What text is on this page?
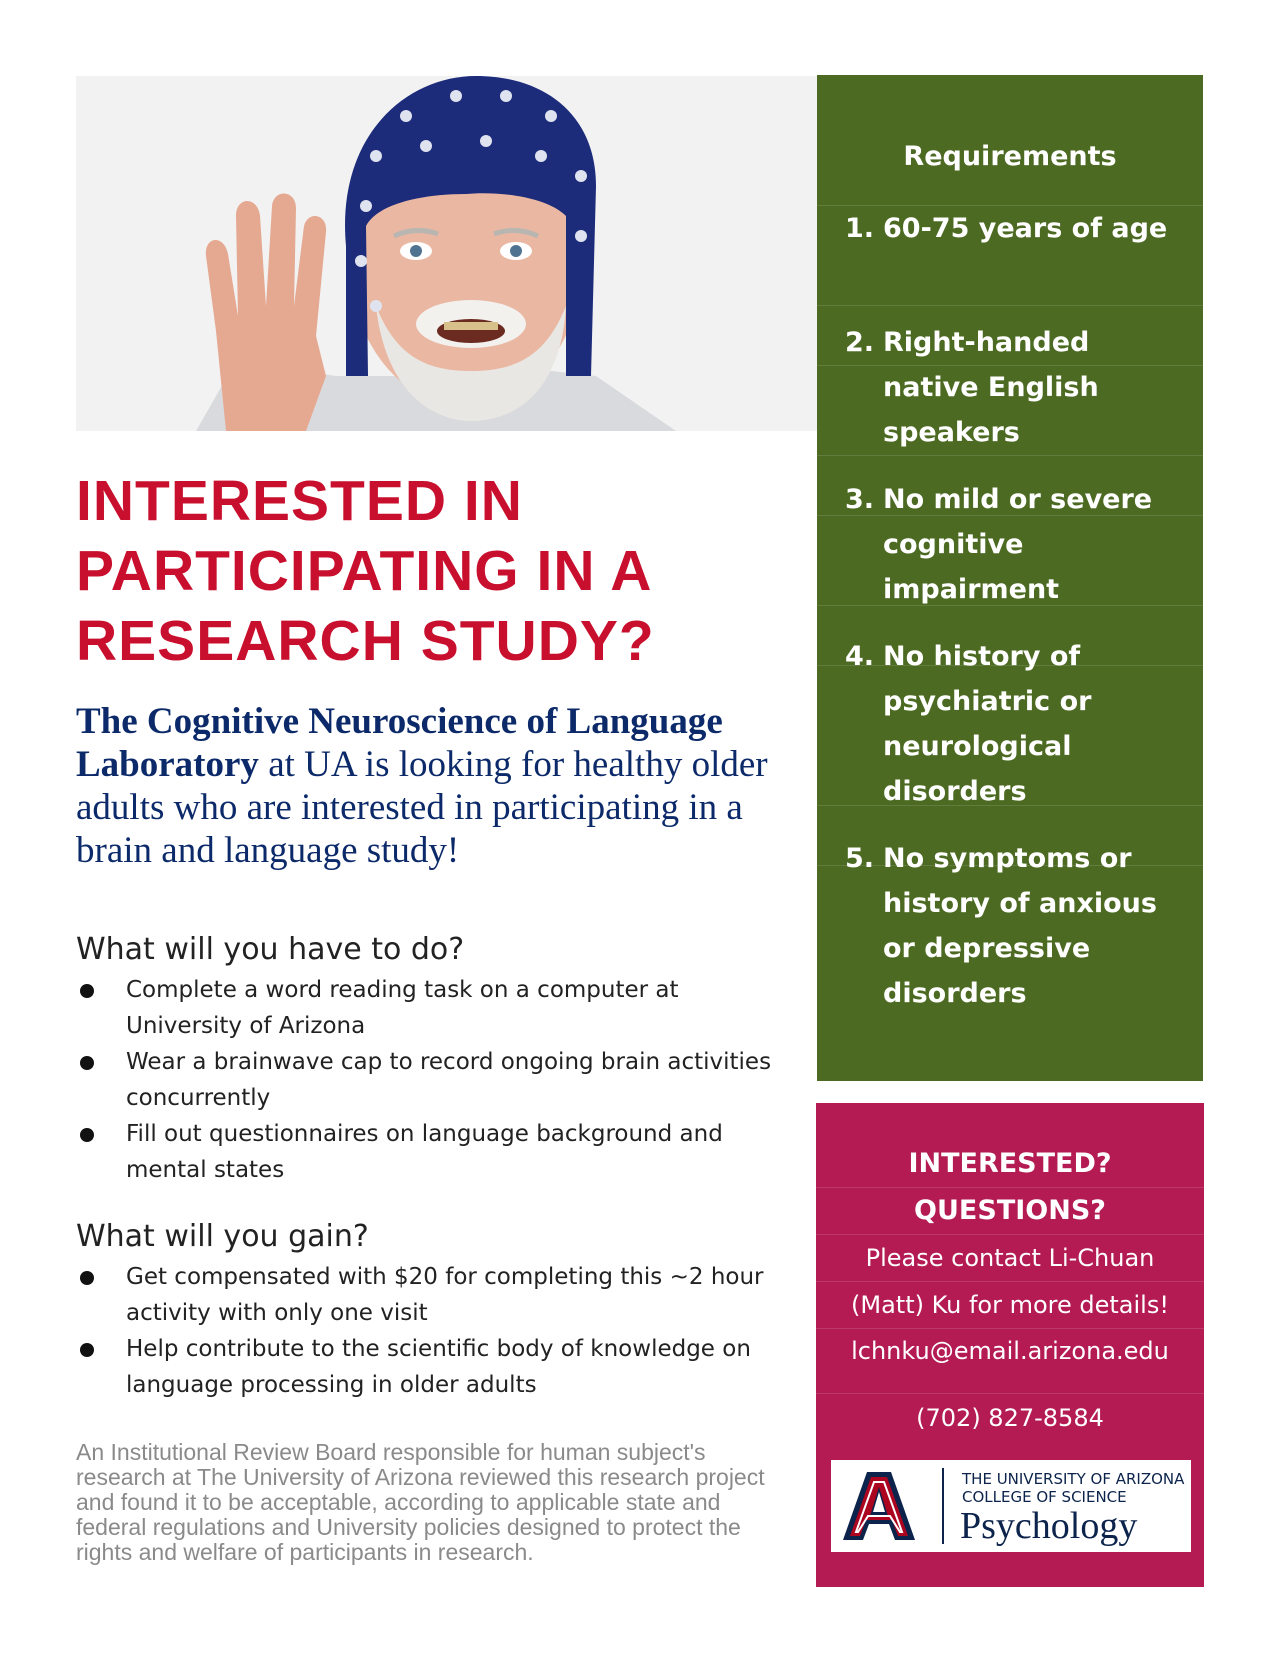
INTERESTED IN
PARTICIPATING IN A
RESEARCH STUDY?

The Cognitive Neuroscience of Language Laboratory at UA is looking for healthy older adults who are interested in participating in a brain and language study!

What will you have to do?
Complete a word reading task on a computer at University of Arizona
Wear a brainwave cap to record ongoing brain activities concurrently
Fill out questionnaires on language background and mental states
What will you gain?
Get compensated with $20 for completing this ~2 hour activity with only one visit
Help contribute to the scientific body of knowledge on language processing in older adults

An Institutional Review Board responsible for human subject's research at The University of Arizona reviewed this research project and found it to be acceptable, according to applicable state and federal regulations and University policies designed to protect the rights and welfare of participants in research.

Requirements
1. 60-75 years of age
2. Right-handed native English speakers
3. No mild or severe cognitive impairment
4. No history of psychiatric or neurological disorders
5. No symptoms or history of anxious or depressive disorders

INTERESTED?

QUESTIONS?

Please contact Li-Chuan

(Matt) Ku for more details!

lchnku@email.arizona.edu

(702) 827-8584

THE UNIVERSITY OF ARIZONA
COLLEGE OF SCIENCE

Psychology
